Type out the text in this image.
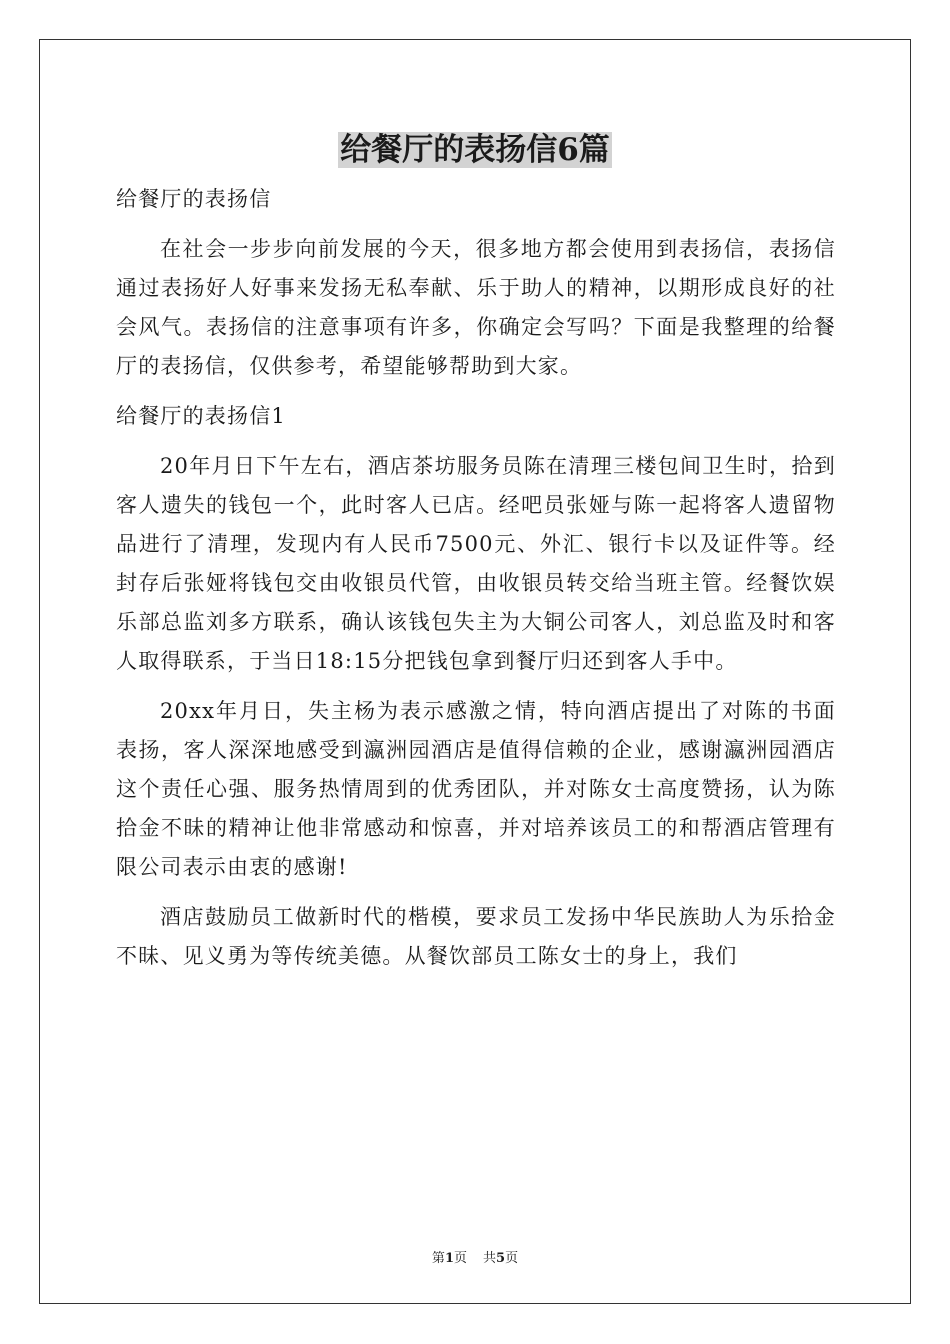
给餐厅的表扬信6篇

给餐厅的表扬信

在社会一步步向前发展的今天，很多地方都会使用到表扬信，表扬信通过表扬好人好事来发扬无私奉献、乐于助人的精神，以期形成良好的社会风气。表扬信的注意事项有许多，你确定会写吗？下面是我整理的给餐厅的表扬信，仅供参考，希望能够帮助到大家。

给餐厅的表扬信1

20年月日下午左右，酒店茶坊服务员陈在清理三楼包间卫生时，拾到客人遗失的钱包一个，此时客人已店。经吧员张娅与陈一起将客人遗留物品进行了清理，发现内有人民币7500元、外汇、银行卡以及证件等。经封存后张娅将钱包交由收银员代管，由收银员转交给当班主管。经餐饮娱乐部总监刘多方联系，确认该钱包失主为大铜公司客人，刘总监及时和客人取得联系，于当日18:15分把钱包拿到餐厅归还到客人手中。

20xx年月日，失主杨为表示感激之情，特向酒店提出了对陈的书面表扬，客人深深地感受到瀛洲园酒店是值得信赖的企业，感谢瀛洲园酒店这个责任心强、服务热情周到的优秀团队，并对陈女士高度赞扬，认为陈拾金不昧的精神让他非常感动和惊喜，并对培养该员工的和帮酒店管理有限公司表示由衷的感谢!

酒店鼓励员工做新时代的楷模，要求员工发扬中华民族助人为乐拾金不昧、见义勇为等传统美德。从餐饮部员工陈女士的身上，我们

第1页 共5页
